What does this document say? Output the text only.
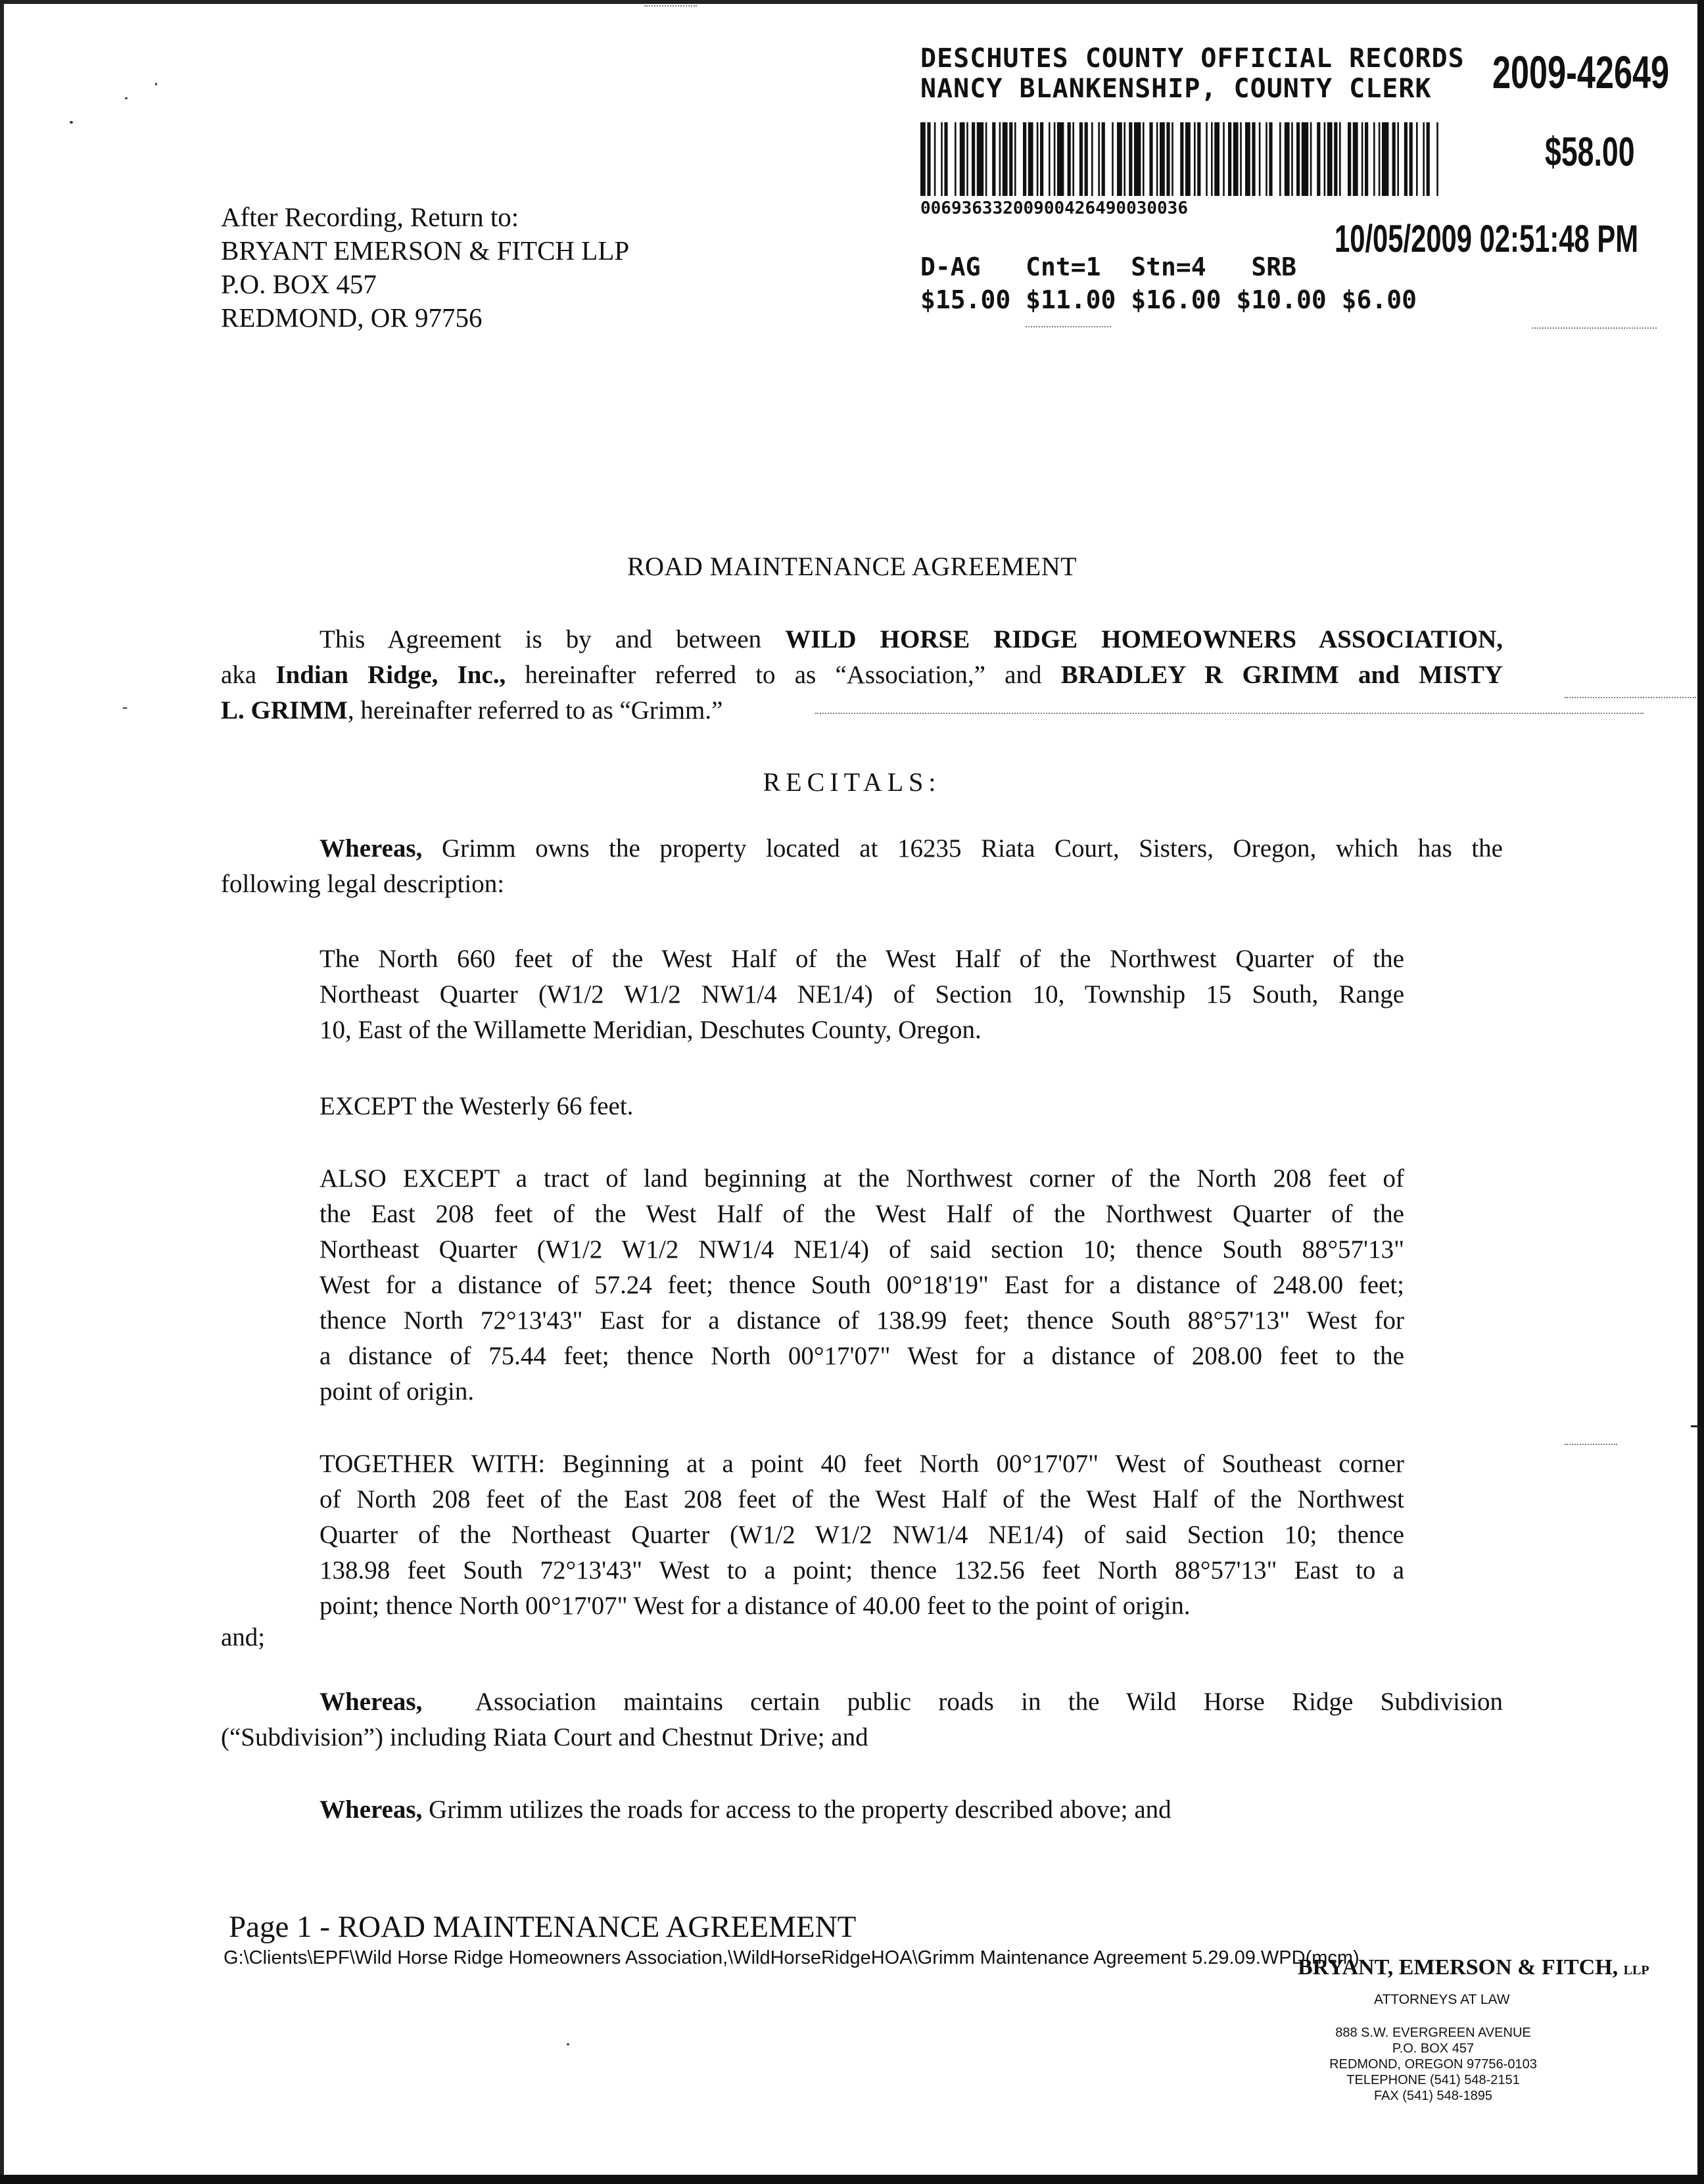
DESCHUTES COUNTY OFFICIAL RECORDS
NANCY BLANKENSHIP, COUNTY CLERK 2009-42649
$58.00
00693633200900426490030036
10/05/2009 02:51:48 PM
D-AG   Cnt=1  Stn=4   SRB
$15.00 $11.00 $16.00 $10.00 $6.00
After Recording, Return to:
BRYANT EMERSON & FITCH LLP
P.O. BOX 457
REDMOND, OR 97756
ROAD MAINTENANCE AGREEMENT
This Agreement is by and between WILD HORSE RIDGE HOMEOWNERS ASSOCIATION,
aka Indian Ridge, Inc., hereinafter referred to as “Association,” and BRADLEY R GRIMM and MISTY
L. GRIMM, hereinafter referred to as “Grimm.”
RECITALS:
Whereas, Grimm owns the property located at 16235 Riata Court, Sisters, Oregon, which has the
following legal description:
The North 660 feet of the West Half of the West Half of the Northwest Quarter of the
Northeast Quarter (W1/2 W1/2 NW1/4 NE1/4) of Section 10, Township 15 South, Range
10, East of the Willamette Meridian, Deschutes County, Oregon.
EXCEPT the Westerly 66 feet.
ALSO EXCEPT a tract of land beginning at the Northwest corner of the North 208 feet of
the East 208 feet of the West Half of the West Half of the Northwest Quarter of the
Northeast Quarter (W1/2 W1/2 NW1/4 NE1/4) of said section 10; thence South 88°57'13"
West for a distance of 57.24 feet; thence South 00°18'19" East for a distance of 248.00 feet;
thence North 72°13'43" East for a distance of 138.99 feet; thence South 88°57'13" West for
a distance of 75.44 feet; thence North 00°17'07" West for a distance of 208.00 feet to the
point of origin.
TOGETHER WITH: Beginning at a point 40 feet North 00°17'07" West of Southeast corner
of North 208 feet of the East 208 feet of the West Half of the West Half of the Northwest
Quarter of the Northeast Quarter (W1/2 W1/2 NW1/4 NE1/4) of said Section 10; thence
138.98 feet South 72°13'43" West to a point; thence 132.56 feet North 88°57'13" East to a
point; thence North 00°17'07" West for a distance of 40.00 feet to the point of origin.
and;
Whereas,  Association maintains certain public roads in the Wild Horse Ridge Subdivision
(“Subdivision”) including Riata Court and Chestnut Drive; and
Whereas, Grimm utilizes the roads for access to the property described above; and
Page 1 - ROAD MAINTENANCE AGREEMENT
G:\Clients\EPF\Wild Horse Ridge Homeowners Association,\WildHorseRidgeHOA\Grimm Maintenance Agreement 5.29.09.WPD(mcm)
BRYANT, EMERSON & FITCH, LLP
ATTORNEYS AT LAW
888 S.W. EVERGREEN AVENUE
P.O. BOX 457
REDMOND, OREGON 97756-0103
TELEPHONE (541) 548-2151
FAX (541) 548-1895
